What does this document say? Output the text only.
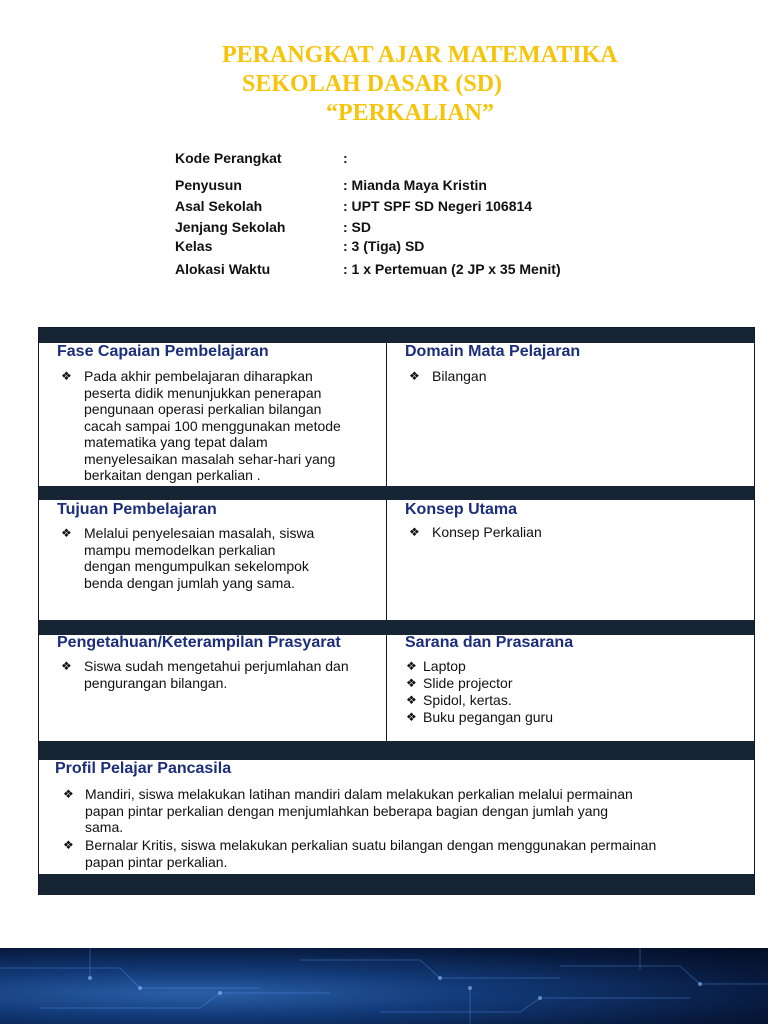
PERANGKAT AJAR MATEMATIKA
SEKOLAH DASAR (SD)
“PERKALIAN”
Kode Perangkat	:
Penyusun	: Mianda Maya Kristin
Asal Sekolah	: UPT SPF SD Negeri 106814
Jenjang Sekolah	: SD
Kelas	: 3 (Tiga) SD
Alokasi Waktu	: 1 x Pertemuan (2 JP x 35 Menit)
Fase Capaian Pembelajaran
❖ Pada akhir pembelajaran diharapkan
peserta didik menunjukkan penerapan
pengunaan operasi perkalian bilangan
cacah sampai 100 menggunakan metode
matematika yang tepat dalam
menyelesaikan masalah sehar-hari yang
berkaitan dengan perkalian .
Domain Mata Pelajaran
❖ Bilangan
Tujuan Pembelajaran
❖ Melalui penyelesaian masalah, siswa
mampu memodelkan perkalian
dengan mengumpulkan sekelompok
benda dengan jumlah yang sama.
Konsep Utama
❖ Konsep Perkalian
Pengetahuan/Keterampilan Prasyarat
❖ Siswa sudah mengetahui perjumlahan dan
pengurangan bilangan.
Sarana dan Prasarana
❖ Laptop
❖ Slide projector
❖ Spidol, kertas.
❖ Buku pegangan guru
Profil Pelajar Pancasila
❖ Mandiri, siswa melakukan latihan mandiri dalam melakukan perkalian melalui permainan
papan pintar perkalian dengan menjumlahkan beberapa bagian dengan jumlah yang
sama.
❖ Bernalar Kritis, siswa melakukan perkalian suatu bilangan dengan menggunakan permainan
papan pintar perkalian.
